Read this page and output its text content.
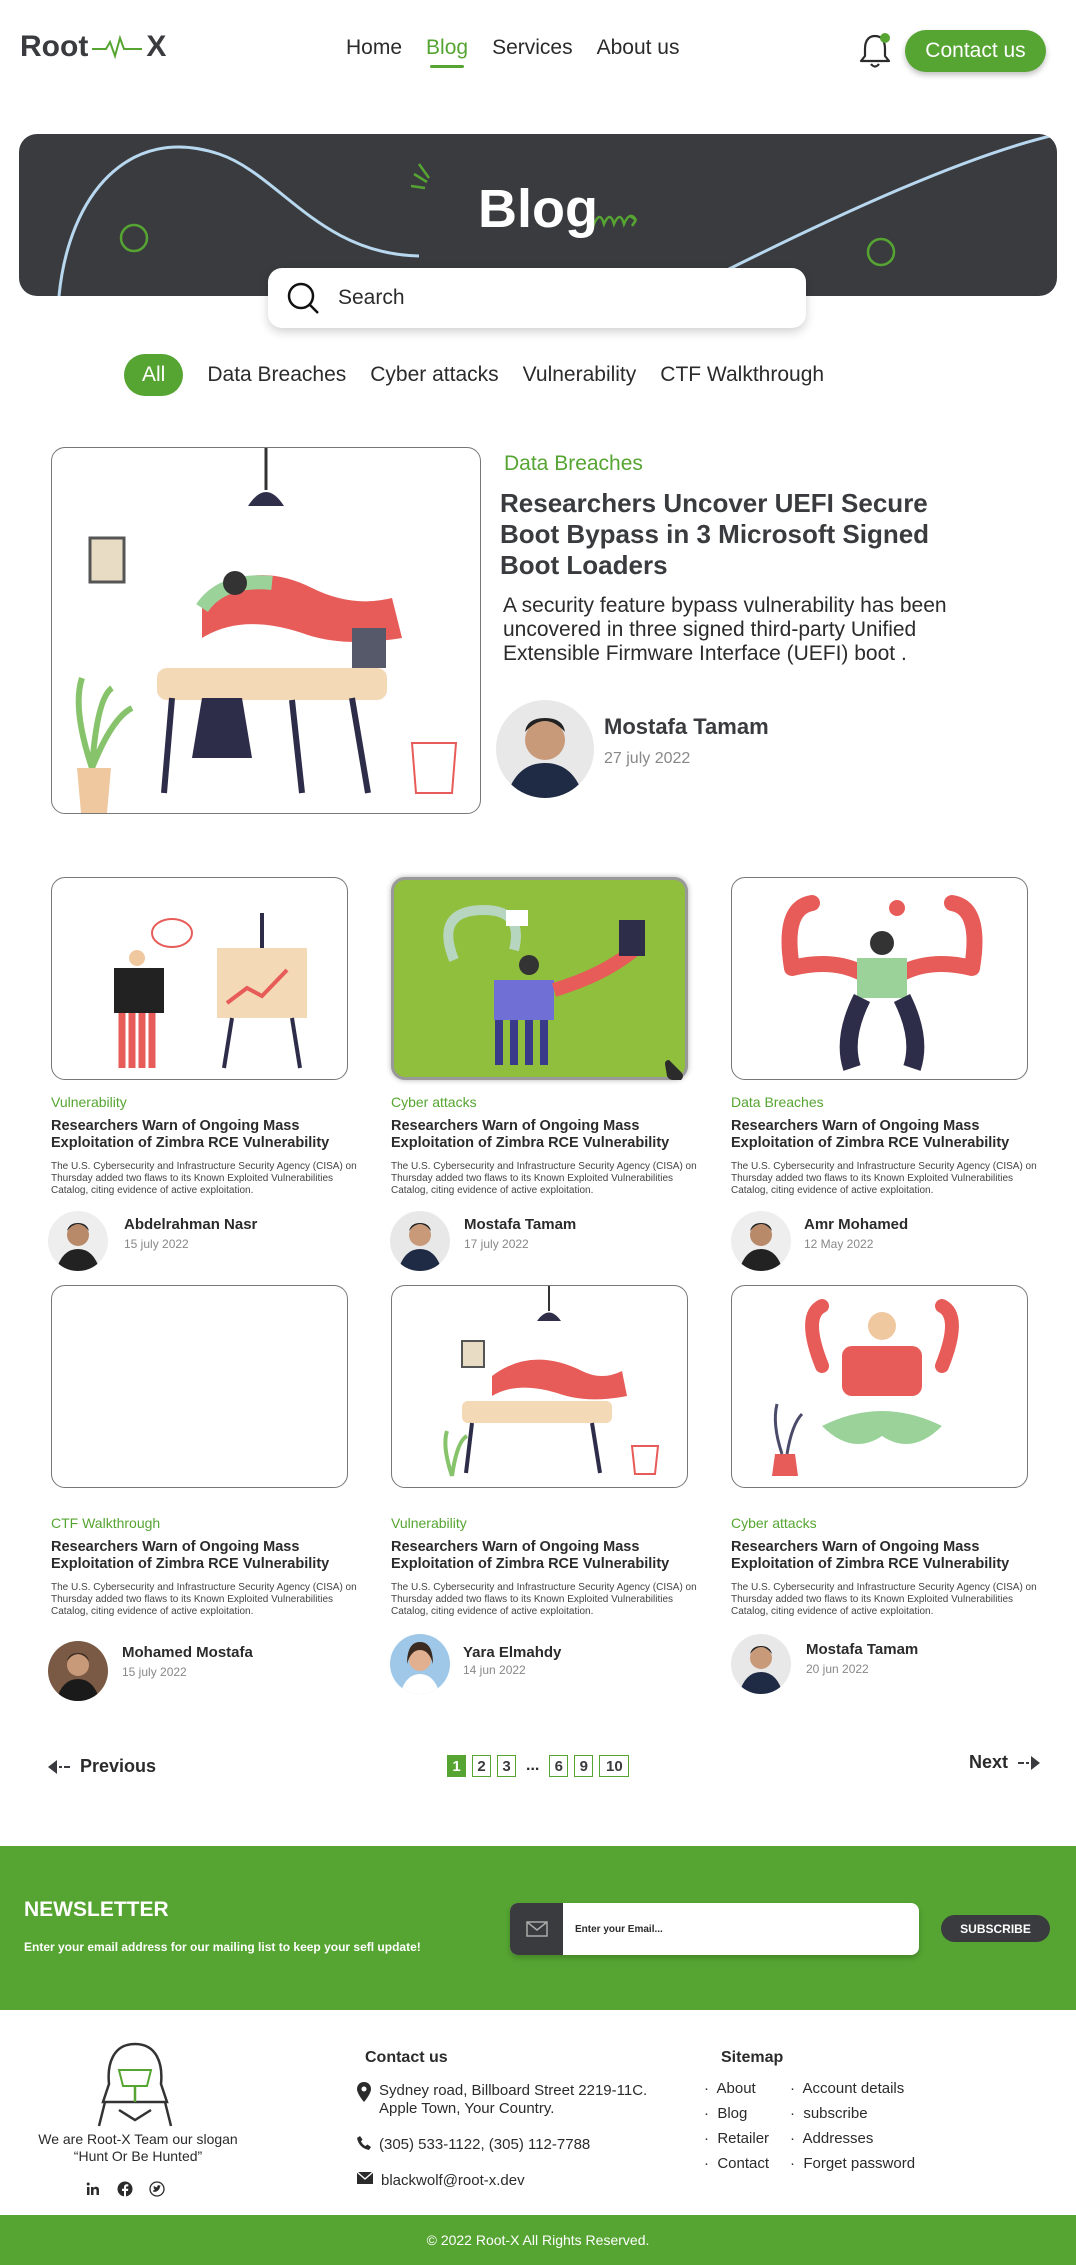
Root X	Home Blog Services About us	Contact us
Blog
Search
All	Data Breaches Cyber attacks Vulnerability CTF Walkthrough
Data Breaches
Researchers Uncover UEFI Secure Boot Bypass in 3 Microsoft Signed Boot Loaders
A security feature bypass vulnerability has been uncovered in three signed third-party Unified Extensible Firmware Interface (UEFI) boot .
Mostafa Tamam
27 july 2022
Vulnerability
Researchers Warn of Ongoing Mass Exploitation of Zimbra RCE Vulnerability
The U.S. Cybersecurity and Infrastructure Security Agency (CISA) on Thursday added two flaws to its Known Exploited Vulnerabilities Catalog, citing evidence of active exploitation.
Abdelrahman Nasr
15 july 2022
Cyber attacks
Researchers Warn of Ongoing Mass Exploitation of Zimbra RCE Vulnerability
The U.S. Cybersecurity and Infrastructure Security Agency (CISA) on Thursday added two flaws to its Known Exploited Vulnerabilities Catalog, citing evidence of active exploitation.
Mostafa Tamam
17 july 2022
Data Breaches
Researchers Warn of Ongoing Mass Exploitation of Zimbra RCE Vulnerability
The U.S. Cybersecurity and Infrastructure Security Agency (CISA) on Thursday added two flaws to its Known Exploited Vulnerabilities Catalog, citing evidence of active exploitation.
Amr Mohamed
12 May 2022
CTF Walkthrough
Researchers Warn of Ongoing Mass Exploitation of Zimbra RCE Vulnerability
The U.S. Cybersecurity and Infrastructure Security Agency (CISA) on Thursday added two flaws to its Known Exploited Vulnerabilities Catalog, citing evidence of active exploitation.
Mohamed Mostafa
15 july 2022
Vulnerability
Researchers Warn of Ongoing Mass Exploitation of Zimbra RCE Vulnerability
The U.S. Cybersecurity and Infrastructure Security Agency (CISA) on Thursday added two flaws to its Known Exploited Vulnerabilities Catalog, citing evidence of active exploitation.
Yara Elmahdy
14 jun 2022
Cyber attacks
Researchers Warn of Ongoing Mass Exploitation of Zimbra RCE Vulnerability
The U.S. Cybersecurity and Infrastructure Security Agency (CISA) on Thursday added two flaws to its Known Exploited Vulnerabilities Catalog, citing evidence of active exploitation.
Mostafa Tamam
20 jun 2022
Previous	1	2	3 ...	6	9	10	Next
NEWSLETTER
Enter your email address for our mailing list to keep your sefl update!
Enter your Email...
SUBSCRIBE
We are Root-X Team our slogan
“Hunt Or Be Hunted”
Contact us
Sydney road, Billboard Street 2219-11C.
Apple Town, Your Country.
(305) 533-1122, (305) 112-7788
blackwolf@root-x.dev
Sitemap
·  About
·  Blog
·  Retailer
·  Contact
·  Account details
·  subscribe
·  Addresses
·  Forget password
© 2022 Root-X All Rights Reserved.
